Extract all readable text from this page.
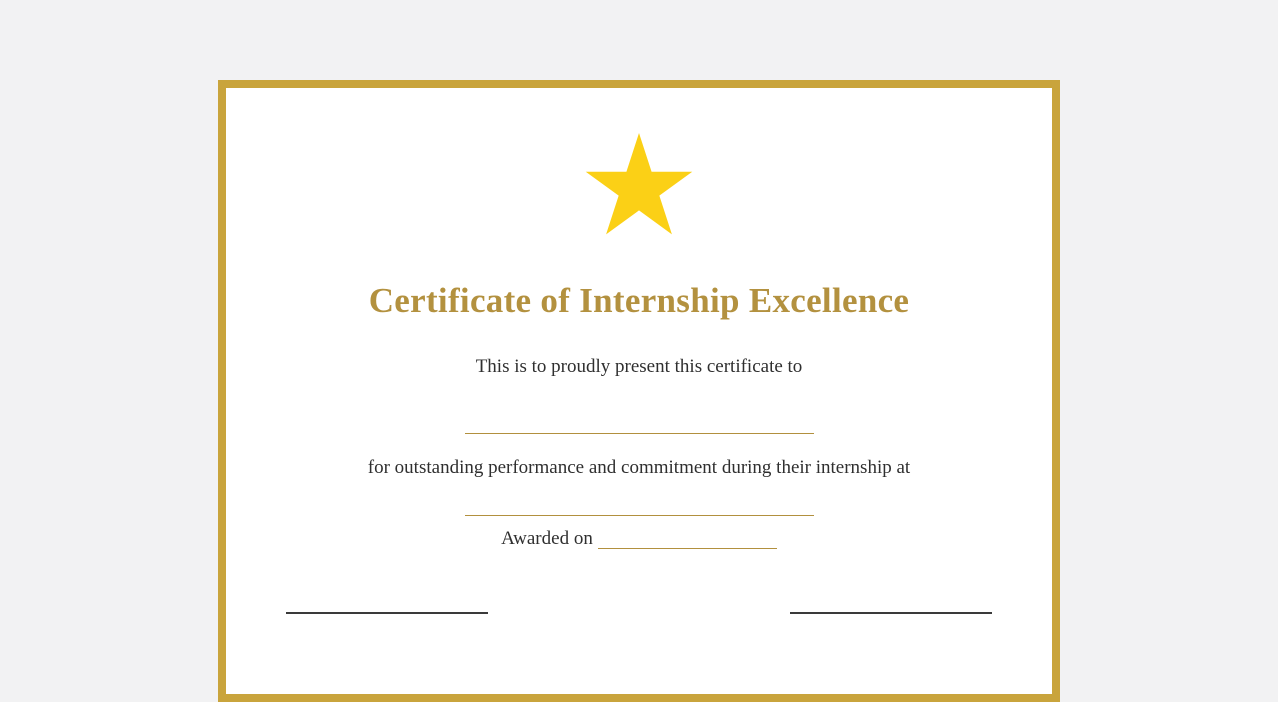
Certificate of Internship Excellence

This is to proudly present this certificate to

for outstanding performance and commitment during their internship at

Awarded on
